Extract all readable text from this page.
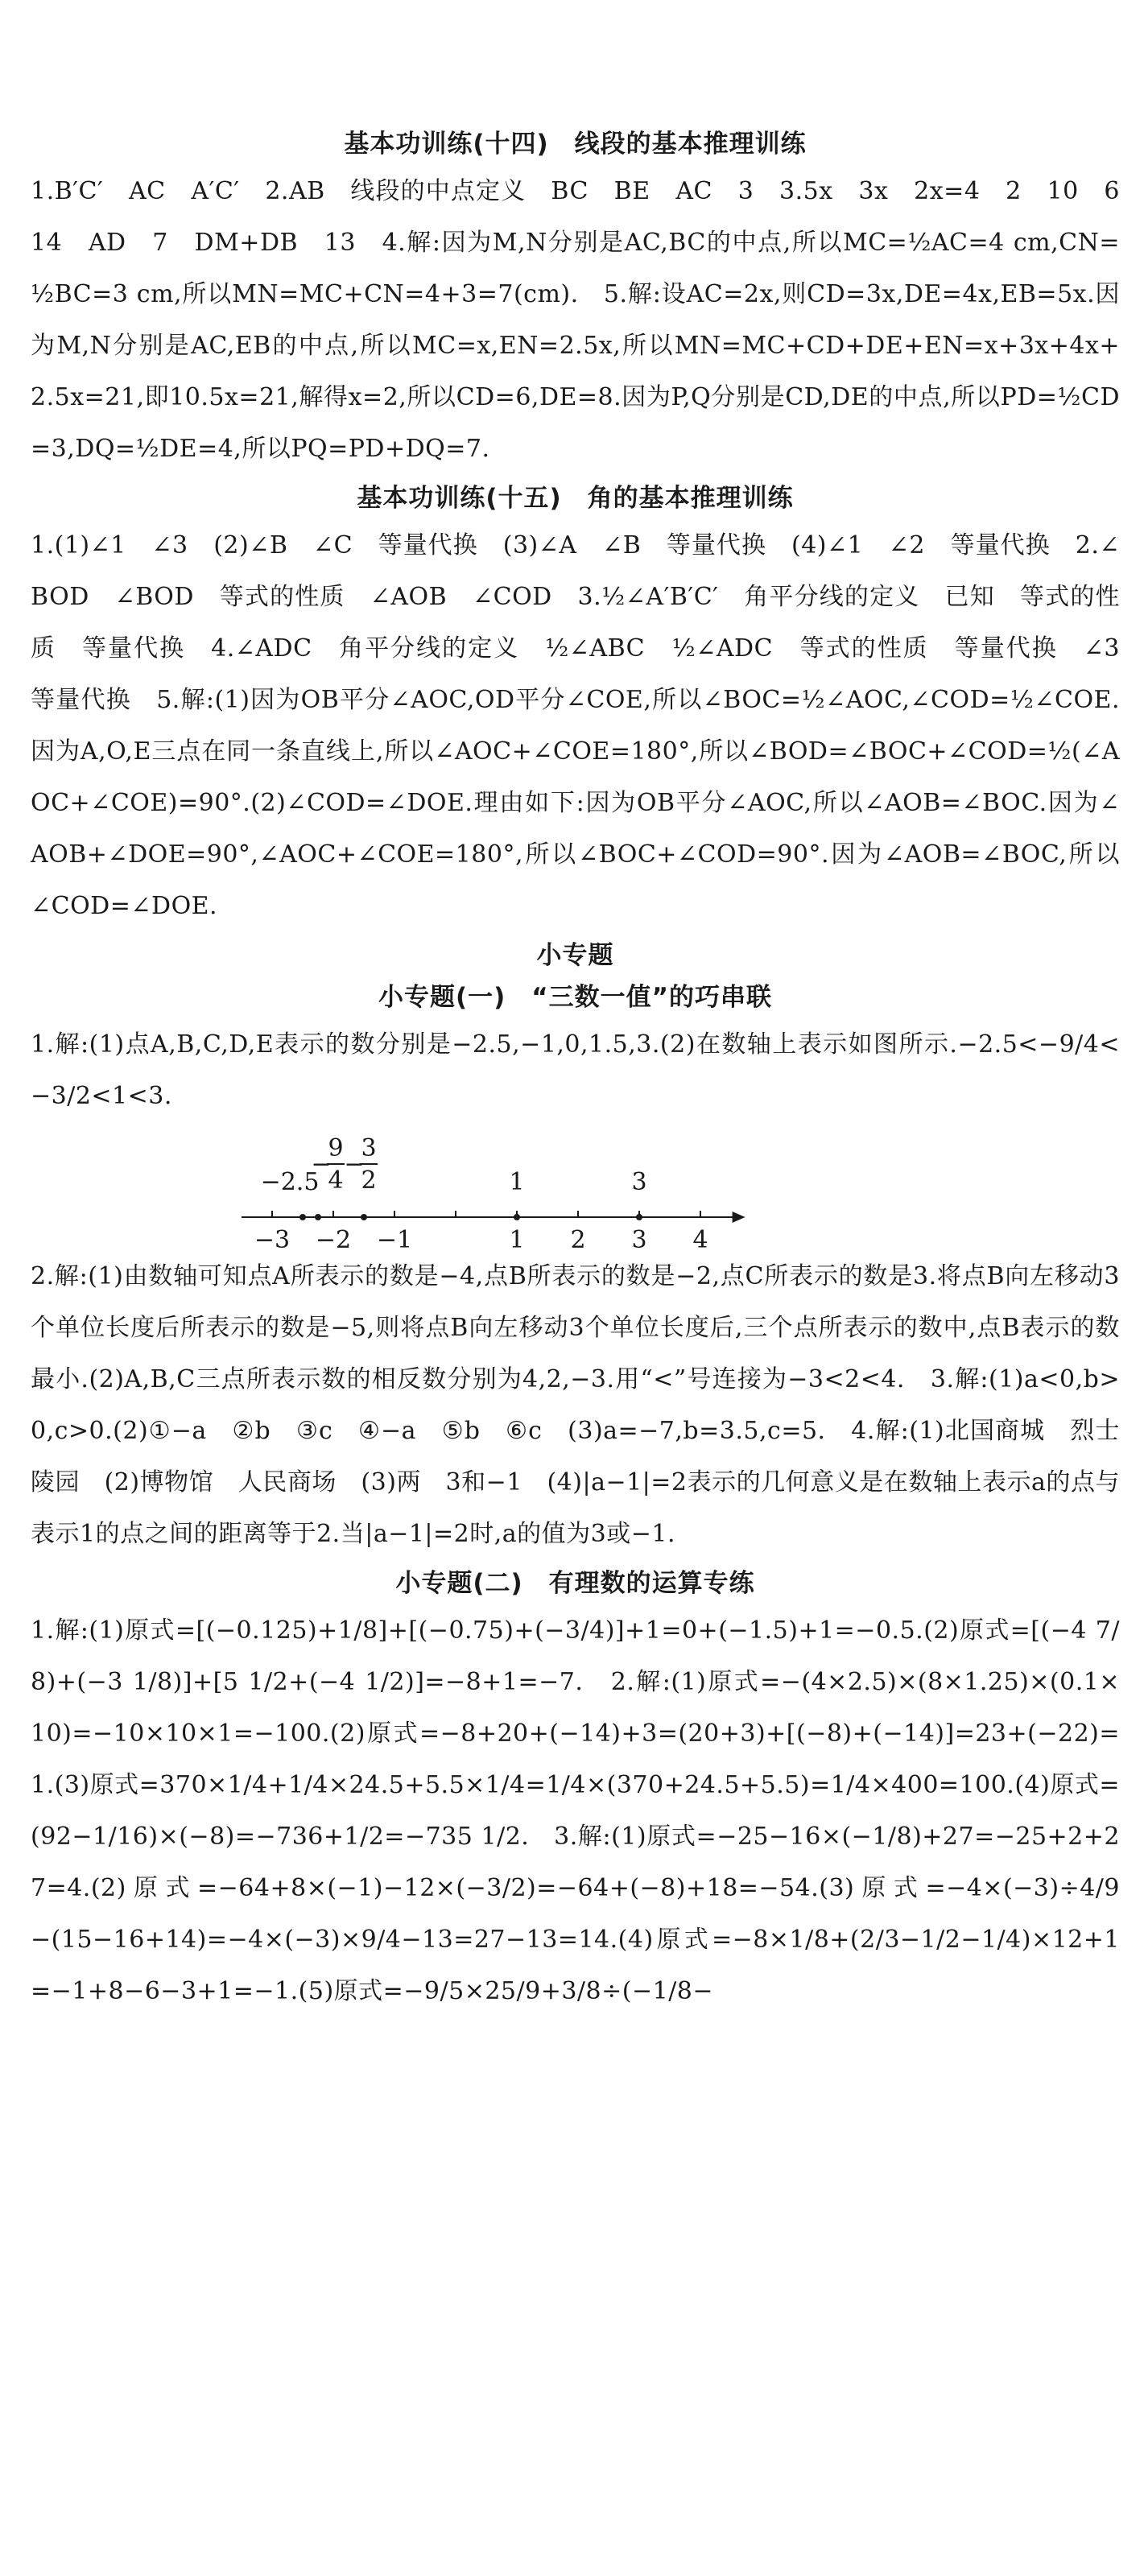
基本功训练(十四)　线段的基本推理训练

1.B′C′　AC　A′C′　2.AB　线段的中点定义　BC　BE　AC　3　3.5x　3x　2x=4　2　10　6　14　AD　7　DM+DB　13　4.解:因为M,N分别是AC,BC的中点,所以MC=½AC=4 cm,CN=½BC=3 cm,所以MN=MC+CN=4+3=7(cm).　5.解:设AC=2x,则CD=3x,DE=4x,EB=5x.因为M,N分别是AC,EB的中点,所以MC=x,EN=2.5x,所以MN=MC+CD+DE+EN=x+3x+4x+2.5x=21,即10.5x=21,解得x=2,所以CD=6,DE=8.因为P,Q分别是CD,DE的中点,所以PD=½CD=3,DQ=½DE=4,所以PQ=PD+DQ=7.

基本功训练(十五)　角的基本推理训练

1.(1)∠1　∠3　(2)∠B　∠C　等量代换　(3)∠A　∠B　等量代换　(4)∠1　∠2　等量代换　2.∠BOD　∠BOD　等式的性质　∠AOB　∠COD　3.½∠A′B′C′　角平分线的定义　已知　等式的性质　等量代换　4.∠ADC　角平分线的定义　½∠ABC　½∠ADC　等式的性质　等量代换　∠3　等量代换　5.解:(1)因为OB平分∠AOC,OD平分∠COE,所以∠BOC=½∠AOC,∠COD=½∠COE.因为A,O,E三点在同一条直线上,所以∠AOC+∠COE=180°,所以∠BOD=∠BOC+∠COD=½(∠AOC+∠COE)=90°.(2)∠COD=∠DOE.理由如下:因为OB平分∠AOC,所以∠AOB=∠BOC.因为∠AOB+∠DOE=90°,∠AOC+∠COE=180°,所以∠BOC+∠COD=90°.因为∠AOB=∠BOC,所以∠COD=∠DOE.

小专题
小专题(一)　“三数一值”的巧串联

1.解:(1)点A,B,C,D,E表示的数分别是−2.5,−1,0,1.5,3.(2)在数轴上表示如图所示.−2.5<−9/4<−3/2<1<3.

−3 −2 −1	1 2 3 4
−2.5
−
9
4
−
3
2	1	3

2.解:(1)由数轴可知点A所表示的数是−4,点B所表示的数是−2,点C所表示的数是3.将点B向左移动3个单位长度后所表示的数是−5,则将点B向左移动3个单位长度后,三个点所表示的数中,点B表示的数最小.(2)A,B,C三点所表示数的相反数分别为4,2,−3.用“<”号连接为−3<2<4.　3.解:(1)a<0,b>0,c>0.(2)①−a　②b　③c　④−a　⑤b　⑥c　(3)a=−7,b=3.5,c=5.　4.解:(1)北国商城　烈士陵园　(2)博物馆　人民商场　(3)两　3和−1　(4)|a−1|=2表示的几何意义是在数轴上表示a的点与表示1的点之间的距离等于2.当|a−1|=2时,a的值为3或−1.

小专题(二)　有理数的运算专练

1.解:(1)原式=[(−0.125)+1/8]+[(−0.75)+(−3/4)]+1=0+(−1.5)+1=−0.5.(2)原式=[(−4 7/8)+(−3 1/8)]+[5 1/2+(−4 1/2)]=−8+1=−7.　2.解:(1)原式=−(4×2.5)×(8×1.25)×(0.1×10)=−10×10×1=−100.(2)原式=−8+20+(−14)+3=(20+3)+[(−8)+(−14)]=23+(−22)=1.(3)原式=370×1/4+1/4×24.5+5.5×1/4=1/4×(370+24.5+5.5)=1/4×400=100.(4)原式=(92−1/16)×(−8)=−736+1/2=−735 1/2.　3.解:(1)原式=−25−16×(−1/8)+27=−25+2+27=4.(2)原式=−64+8×(−1)−12×(−3/2)=−64+(−8)+18=−54.(3)原式=−4×(−3)÷4/9−(15−16+14)=−4×(−3)×9/4−13=27−13=14.(4)原式=−8×1/8+(2/3−1/2−1/4)×12+1=−1+8−6−3+1=−1.(5)原式=−9/5×25/9+3/8÷(−1/8−
